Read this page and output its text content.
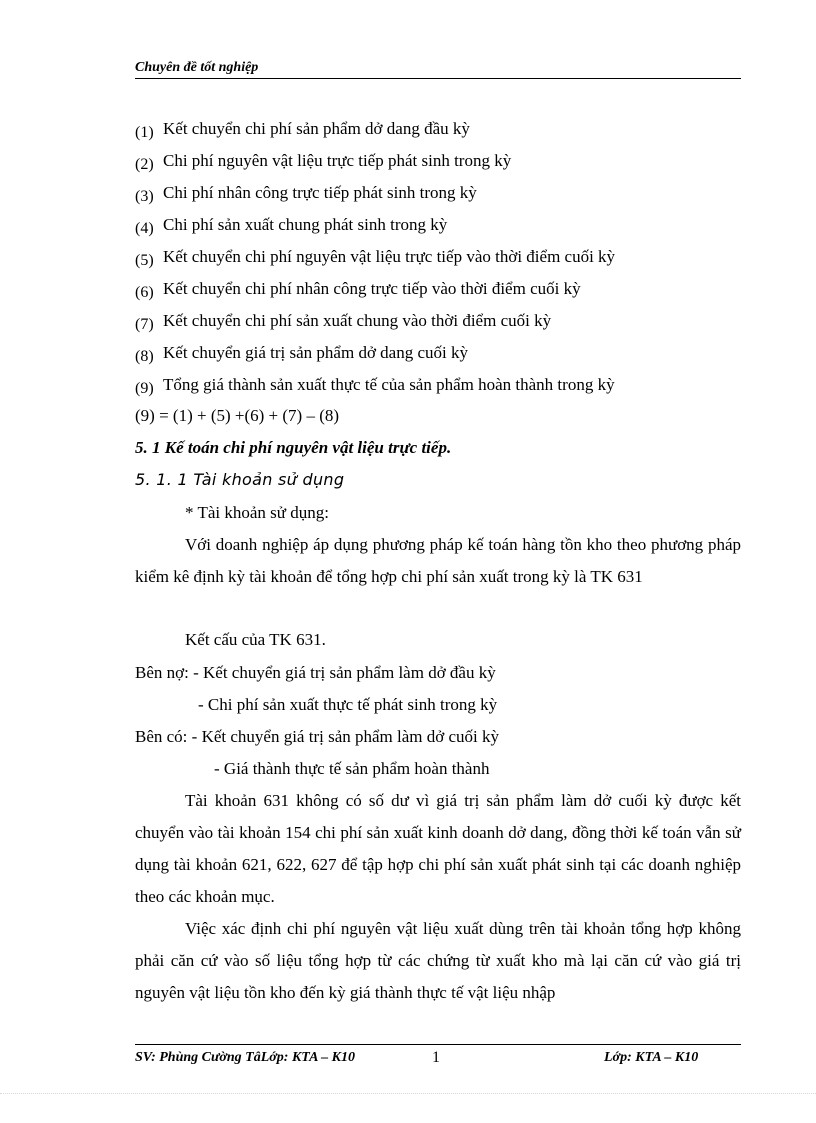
Chuyên đề tốt nghiệp
(1) Kết chuyển chi phí sản phẩm dở dang đầu kỳ
(2) Chi phí nguyên vật liệu trực tiếp phát sinh trong kỳ
(3) Chi phí nhân công trực tiếp phát sinh trong kỳ
(4) Chi phí sản xuất chung phát sinh trong kỳ
(5) Kết chuyển chi phí nguyên vật liệu trực tiếp vào thời điểm cuối kỳ
(6) Kết chuyển chi phí nhân công trực tiếp vào thời điểm cuối kỳ
(7) Kết chuyển chi phí sản xuất chung vào thời điểm cuối kỳ
(8) Kết chuyển giá trị sản phẩm dở dang cuối kỳ
(9) Tổng giá thành sản xuất thực tế của sản phẩm hoàn thành trong kỳ
(9) = (1) + (5) +(6) + (7) – (8)
5. 1 Kế toán chi phí nguyên vật liệu trực tiếp.
5. 1. 1 Tài khoản sử dụng
* Tài khoản sử dụng:
Với doanh nghiệp áp dụng phương pháp kế toán hàng tồn kho theo phương pháp kiểm kê định kỳ tài khoản để tổng hợp chi phí sản xuất trong kỳ là TK 631
Kết cấu của TK 631.
Bên nợ: - Kết chuyển giá trị sản phẩm làm dở đầu kỳ
- Chi phí sản xuất thực tế phát sinh trong kỳ
Bên có: - Kết chuyển giá trị sản phẩm làm dở cuối kỳ
- Giá thành thực tế sản phẩm hoàn thành
Tài khoản 631 không có số dư vì giá trị sản phẩm làm dở cuối kỳ được kết chuyển vào tài khoản 154 chi phí sản xuất kinh doanh dở dang, đồng thời kế toán vẫn sử dụng tài khoản 621, 622, 627 để tập hợp chi phí sản xuất phát sinh tại các doanh nghiệp theo các khoản mục.
Việc xác định chi phí nguyên vật liệu xuất dùng trên tài khoản tổng hợp không phải căn cứ vào số liệu tổng hợp từ các chứng từ xuất kho mà lại căn cứ vào giá trị nguyên vật liệu tồn kho đến kỳ giá thành thực tế vật liệu nhập
SV: Phùng Cường TâLớp: KTA – K10	1	Lớp: KTA – K10
